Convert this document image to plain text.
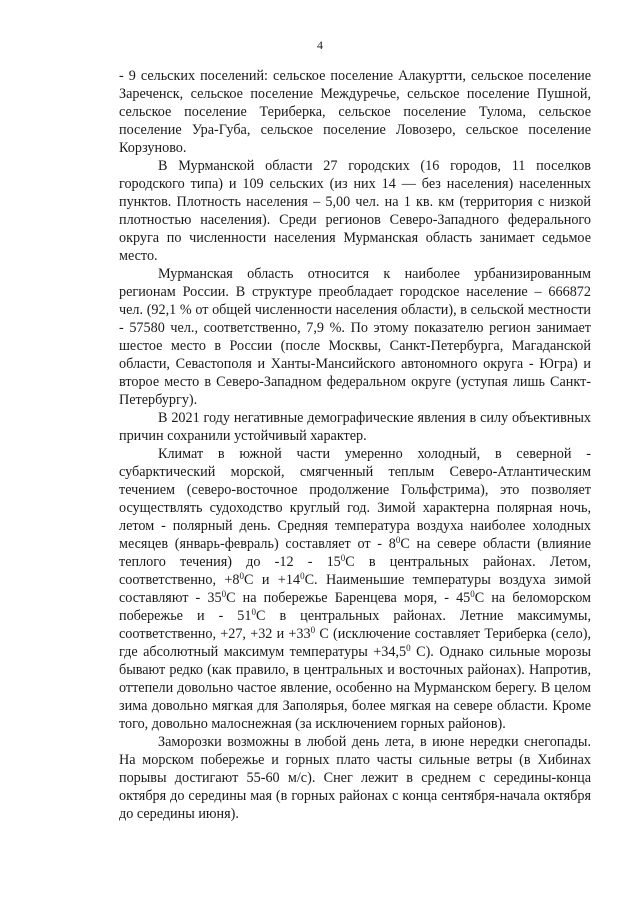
4

- 9 сельских поселений: сельское поселение Алакуртти, сельское поселение Зареченск, сельское поселение Междуречье, сельское поселение Пушной, сельское поселение Териберка, сельское поселение Тулома, сельское поселение Ура-Губа, сельское поселение Ловозеро, сельское поселение Корзуново.

В Мурманской области 27 городских (16 городов, 11 поселков городского типа) и 109 сельских (из них 14 — без населения) населенных пунктов. Плотность населения – 5,00 чел. на 1 кв. км (территория с низкой плотностью населения). Среди регионов Северо-Западного федерального округа по численности населения Мурманская область занимает седьмое место.

Мурманская область относится к наиболее урбанизированным регионам России. В структуре преобладает городское население – 666872 чел. (92,1 % от общей численности населения области), в сельской местности - 57580 чел., соответственно, 7,9 %. По этому показателю регион занимает шестое место в России (после Москвы, Санкт-Петербурга, Магаданской области, Севастополя и Ханты-Мансийского автономного округа - Югра) и второе место в Северо-Западном федеральном округе (уступая лишь Санкт-Петербургу).

В 2021 году негативные демографические явления в силу объективных причин сохранили устойчивый характер.

Климат в южной части умеренно холодный, в северной - субарктический морской, смягченный теплым Северо-Атлантическим течением (северо-восточное продолжение Гольфстрима), это позволяет осуществлять судоходство круглый год. Зимой характерна полярная ночь, летом - полярный день. Средняя температура воздуха наиболее холодных месяцев (январь-февраль) составляет от - $8^0С$ на севере области (влияние теплого течения) до $-12 - 15^0С$ в центральных районах. Летом, соответственно, $+8^0С$ $и +14^0С$. Наименьшие температуры воздуха зимой составляют - $35^0С$ на побережье Баренцева моря, - $45^0С$ на беломорском побережье и - $51^0С$ в центральных районах. Летние максимумы, соответственно, +27, +32 $и +33^0$ С (исключение составляет Териберка (село), где абсолютный максимум температуры $+34,5^0$ С). Однако сильные морозы бывают редко (как правило, в центральных и восточных районах). Напротив, оттепели довольно частое явление, особенно на Мурманском берегу. В целом зима довольно мягкая для Заполярья, более мягкая на севере области. Кроме того, довольно малоснежная (за исключением горных районов).

Заморозки возможны в любой день лета, в июне нередки снегопады. На морском побережье и горных плато часты сильные ветры (в Хибинах порывы достигают 55-60 м/с). Снег лежит в среднем с середины-конца октября до середины мая (в горных районах с конца сентября-начала октября до середины июня).
